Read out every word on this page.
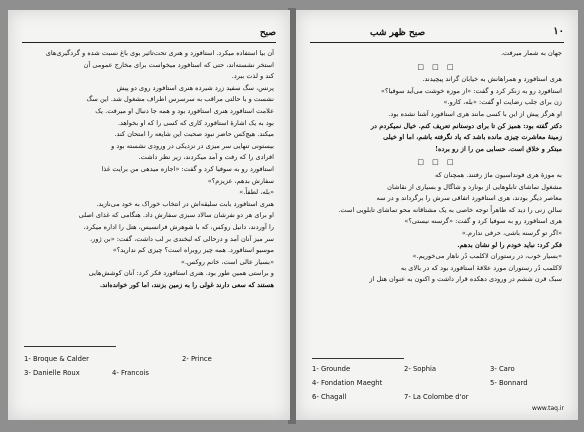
صبح

آن بیا استفاده میکرد. استافورد و هنری تحت‌تاثیر بوی باغ نسبت شده و گردگیری‌های

استخر نشسته‌اند، حتی که استافورد میخواست برای مخارج عمومی آن

کند و لذت ببرد.

پرنس، سگ سفید زرد شیرده هنری استافورد روی دو پیش

نشست و با حالتی مراقب به سرسرس اطراف مشغول شد. این سگ

علامت استافورد هنری استافورد بود و همه جا دنبال او میرفت. یک

بود به یک اشارهٔ استافورد کاری که کسی را که او بخواهد.

میکند. هیچ‌کس حاضر نبود صحبت این شایعه را امتحان کند.

بیستونی تنهایی سر میزی در نزدیکی در ورودی نشسته بود و

افرادی را که رفت و آمد میکردند، زیر نظر داشت.

استافورد رو به سوفیا کرد و گفت: «اجازه میدهی من برایت غذا

سفارش بدهم، عزیزم؟»

«بله، لطفاً.»

هنری استافورد بابت سلیقه‌اش در انتخاب خوراک به خود می‌نازید.

او برای هر دو نفرشان سالاد سبزی سفارش داد. هنگامی که غذای اصلی

را آوردند، دانیل روکس، که با شوهرش فرانسیس، هتل را اداره میکرد،

سر میز آنان آمد و درحالی که لبخندی بر لب داشت، گفت: «بن ژور،

موسیو استافورد. همه چیز روبراه است؟ چیزی کم ندارید؟»

«بسیار عالی است، خانم روکس.»

و براستی همین طور بود. هنری استافورد فکر کرد: آنان کوشش‌هایی

هستند که سعی دارند غولی را به زمین بزنند، اما کور خوانده‌اند.

1- Broque & Calder	2- Prince
3- Danielle Roux	4- Francois
١٠
صبح ظهر شب

جهان به شمار میرفت.

□ □ □

هری استافورد و همراهانش به خیابان گراند پیچیدند.

استافورد رو به زنکر کرد و گفت: «از موزه خوشت می‌آید سوفیا؟»

زن برای جلب رضایت او گفت: «بله، کارو.»

او هرگز پیش از این با کسی مانند هری استافورد آشنا نشده بود.

دکتر گفته بود: همیز کن تا برای دوستانم تعریف کنم. خیال نمیکردم در

زمینهٔ معاشرت چیزی مانده باشد که یاد نگرفته باشم، اما او خیلی

مبتکر و خلاق است. حسابی من را از رو برده!

□ □ □

به موزهٔ هری فونداسیون ماژ رفتند. همچنان که

مشغول تماشای تابلوهایی از بونارد و شاگال و بسیاری از نقاشان

معاصر دیگر بودند، هری استافورد اتفاقی سرش را برگرداند و در سه

سالن زنی را دید که ظاهراً توجه خاصی به یک مشتاقانه محو تماشای تابلویی است.

هری استافورد رو به سوفیا کرد و گفت: «گرسنه نیستی؟»

«اگر تو گرسنه باشی، حرفی ندارم.»

فکر کرد: نباید خودم را لو نشان بدهم.

«بسیار خوب، در رستوران لاکلمب دُر ناهار می‌خوریم.»

لاکلمب دُر رستوران مورد علاقهٔ استافورد بود که در بالای به

سبک قرن ششم در ورودی دهکده قرار داشت و اکنون به عنوان هتل از

1- Grounde	2- Sophia	3- Caro
4- Fondation Maeght	5- Bonnard
6- Chagall	7- La Colombe d'or
www.taq.ir
